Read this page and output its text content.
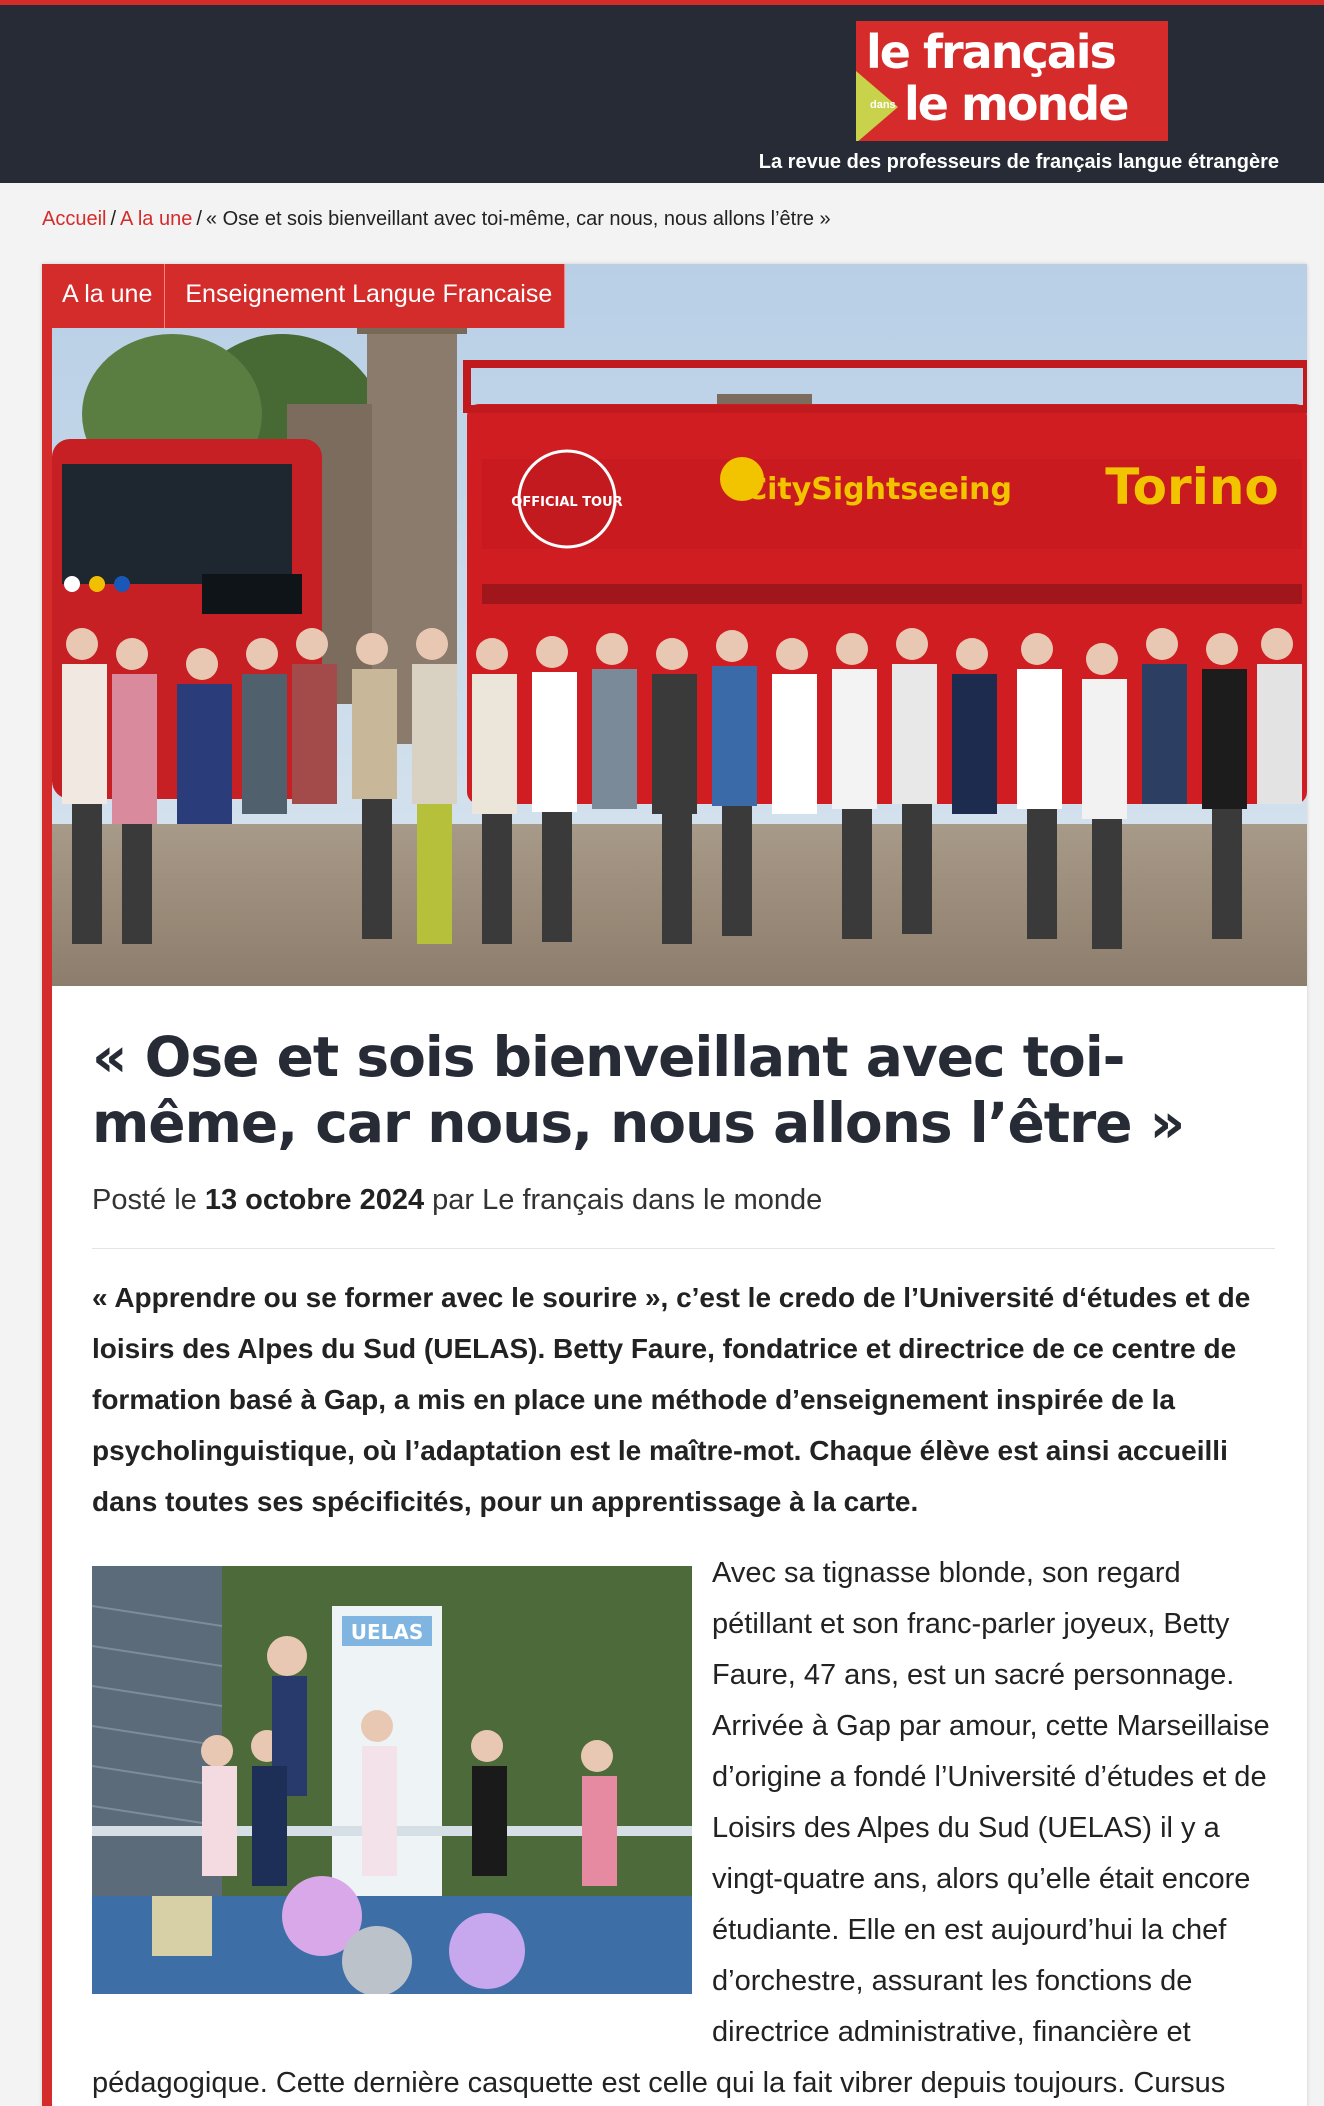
le français
dans le monde
La revue des professeurs de français langue étrangère
Accueil / A la une / « Ose et sois bienveillant avec toi-même, car nous, nous allons l’être »
OFFICIAL TOUR	CitySightseeing Torino
A la une	Enseignement Langue Francaise
« Ose et sois bienveillant avec toi-même, car nous, nous allons l’être »
Posté le 13 octobre 2024 par Le français dans le monde

« Apprendre ou se former avec le sourire », c’est le credo de l’Université d‘études et de loisirs des Alpes du Sud (UELAS). Betty Faure, fondatrice et directrice de ce centre de formation basé à Gap, a mis en place une méthode d’enseignement inspirée de la psycholinguistique, où l’adaptation est le maître-mot. Chaque élève est ainsi accueilli dans toutes ses spécificités, pour un apprentissage à la carte.

UELAS

Avec sa tignasse blonde, son regard pétillant et son franc-parler joyeux, Betty Faure, 47 ans, est un sacré personnage. Arrivée à Gap par amour, cette Marseillaise d’origine a fondé l’Université d’études et de Loisirs des Alpes du Sud (UELAS) il y a vingt-quatre ans, alors qu’elle était encore étudiante. Elle en est aujourd’hui la chef d’orchestre, assurant les fonctions de directrice administrative, financière et

pédagogique. Cette dernière casquette est celle qui la fait vibrer depuis toujours. Cursus
